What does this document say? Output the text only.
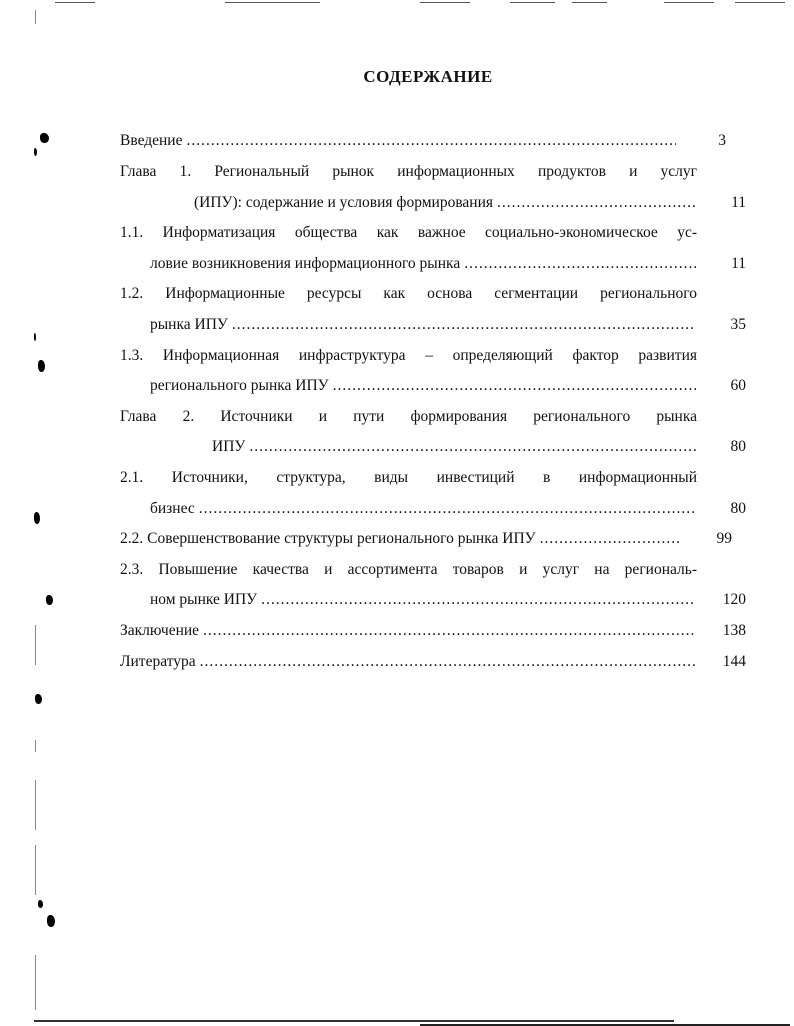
СОДЕРЖАНИЕ
Введение .....	3
Глава 1. Региональный рынок информационных продуктов и услуг
(ИПУ): содержание и условия формирования .....	11
1.1. Информатизация общества как важное социально-экономическое ус-
ловие возникновения информационного рынка .....	11
1.2. Информационные ресурсы как основа сегментации регионального
рынка ИПУ .....	35
1.3. Информационная инфраструктура – определяющий фактор развития
регионального рынка ИПУ .....	60
Глава 2. Источники и пути формирования регионального рынка
ИПУ .....	80
2.1. Источники, структура, виды инвестиций в информационный
бизнес .....	80
2.2. Совершенствование структуры регионального рынка ИПУ .....	99
2.3. Повышение качества и ассортимента товаров и услуг на региональ-
ном рынке ИПУ .....	120
Заключение .....	138
Литература .....	144
